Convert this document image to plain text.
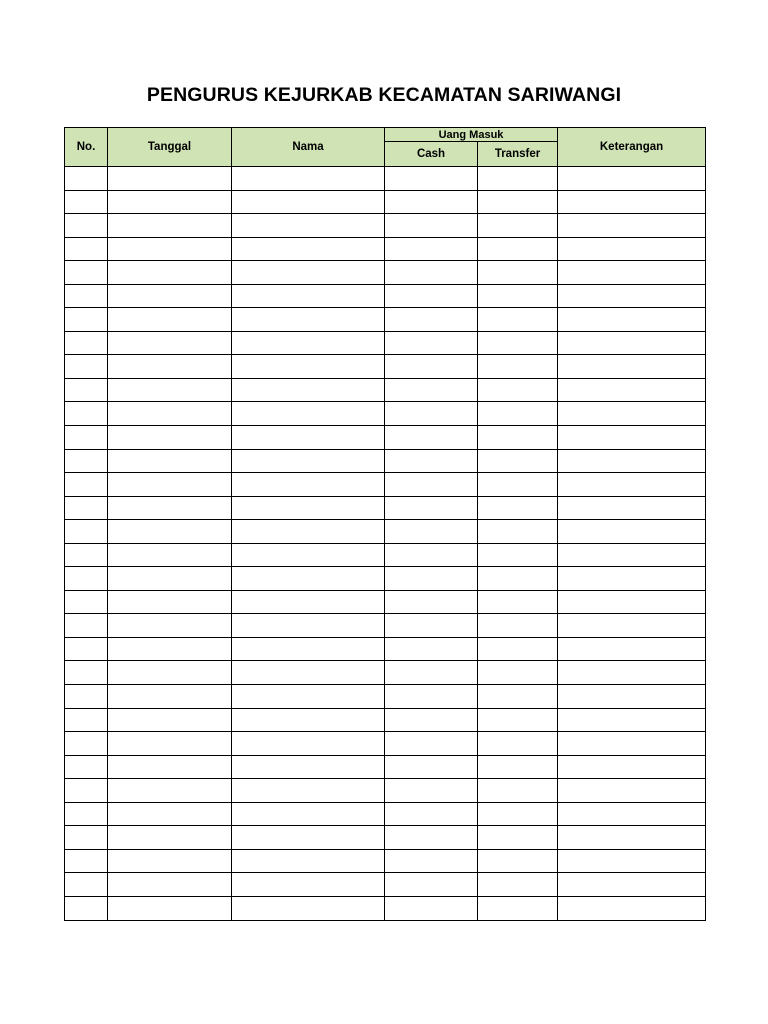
PENGURUS KEJURKAB KECAMATAN SARIWANGI
No.	Tanggal	Nama	Uang Masuk		Keterangan
			Cash	Transfer	
